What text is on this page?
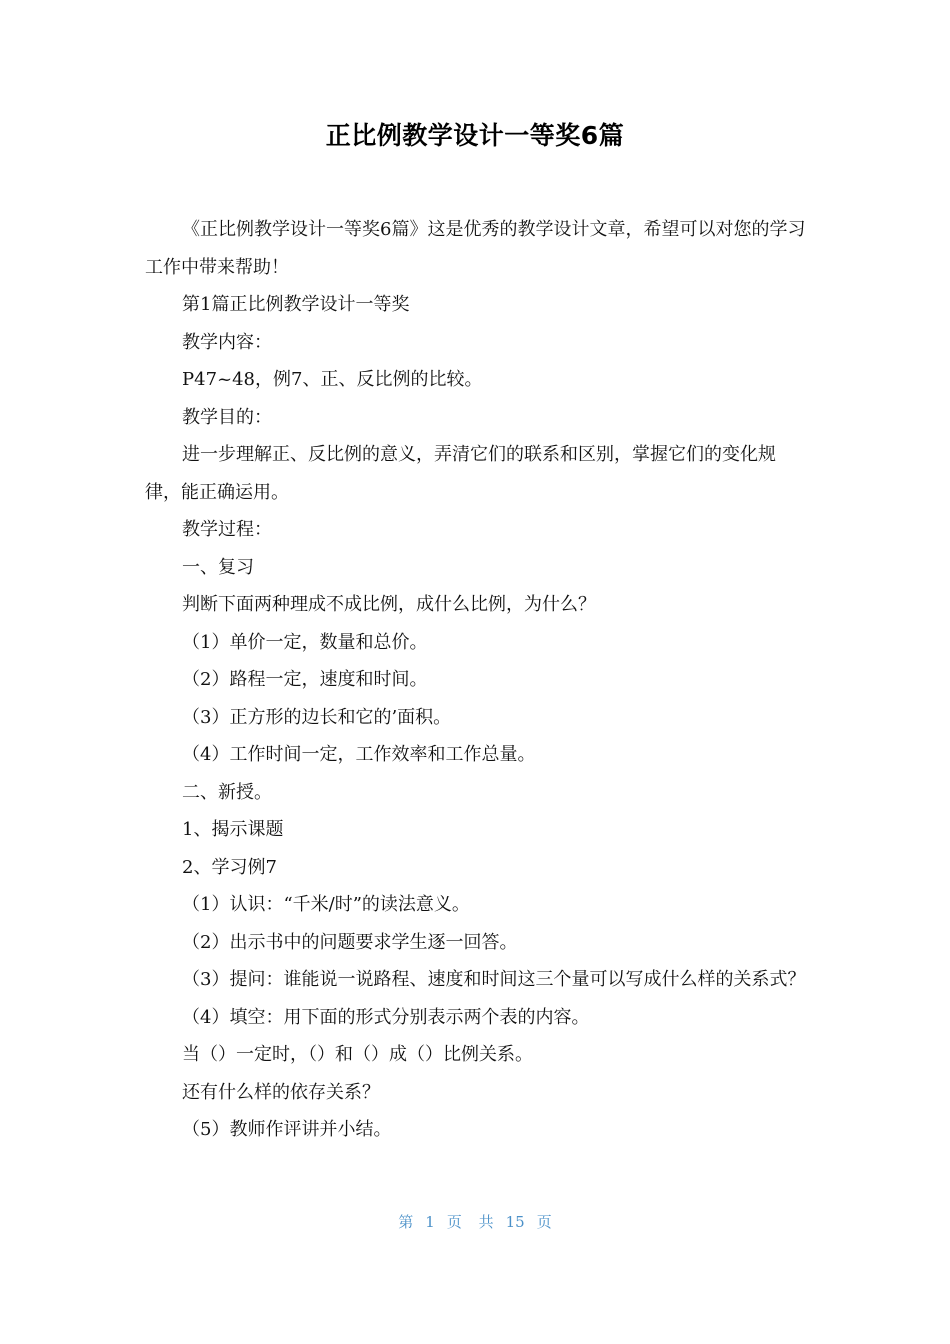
正比例教学设计一等奖6篇

《正比例教学设计一等奖6篇》这是优秀的教学设计文章，希望可以对您的学习工作中带来帮助！

第1篇正比例教学设计一等奖

教学内容：

P47~48，例7、正、反比例的比较。

教学目的：

进一步理解正、反比例的意义，弄清它们的联系和区别，掌握它们的变化规律，能正确运用。

教学过程：

一、复习

判断下面两种理成不成比例，成什么比例，为什么？

（1）单价一定，数量和总价。

（2）路程一定，速度和时间。

（3）正方形的边长和它的’面积。

（4）工作时间一定，工作效率和工作总量。

二、新授。

1、揭示课题

2、学习例7

（1）认识：“千米/时”的读法意义。

（2）出示书中的问题要求学生逐一回答。

（3）提问：谁能说一说路程、速度和时间这三个量可以写成什么样的关系式？

（4）填空：用下面的形式分别表示两个表的内容。

当（）一定时，（）和（）成（）比例关系。

还有什么样的依存关系？

（5）教师作评讲并小结。

第 1 页 共 15 页
